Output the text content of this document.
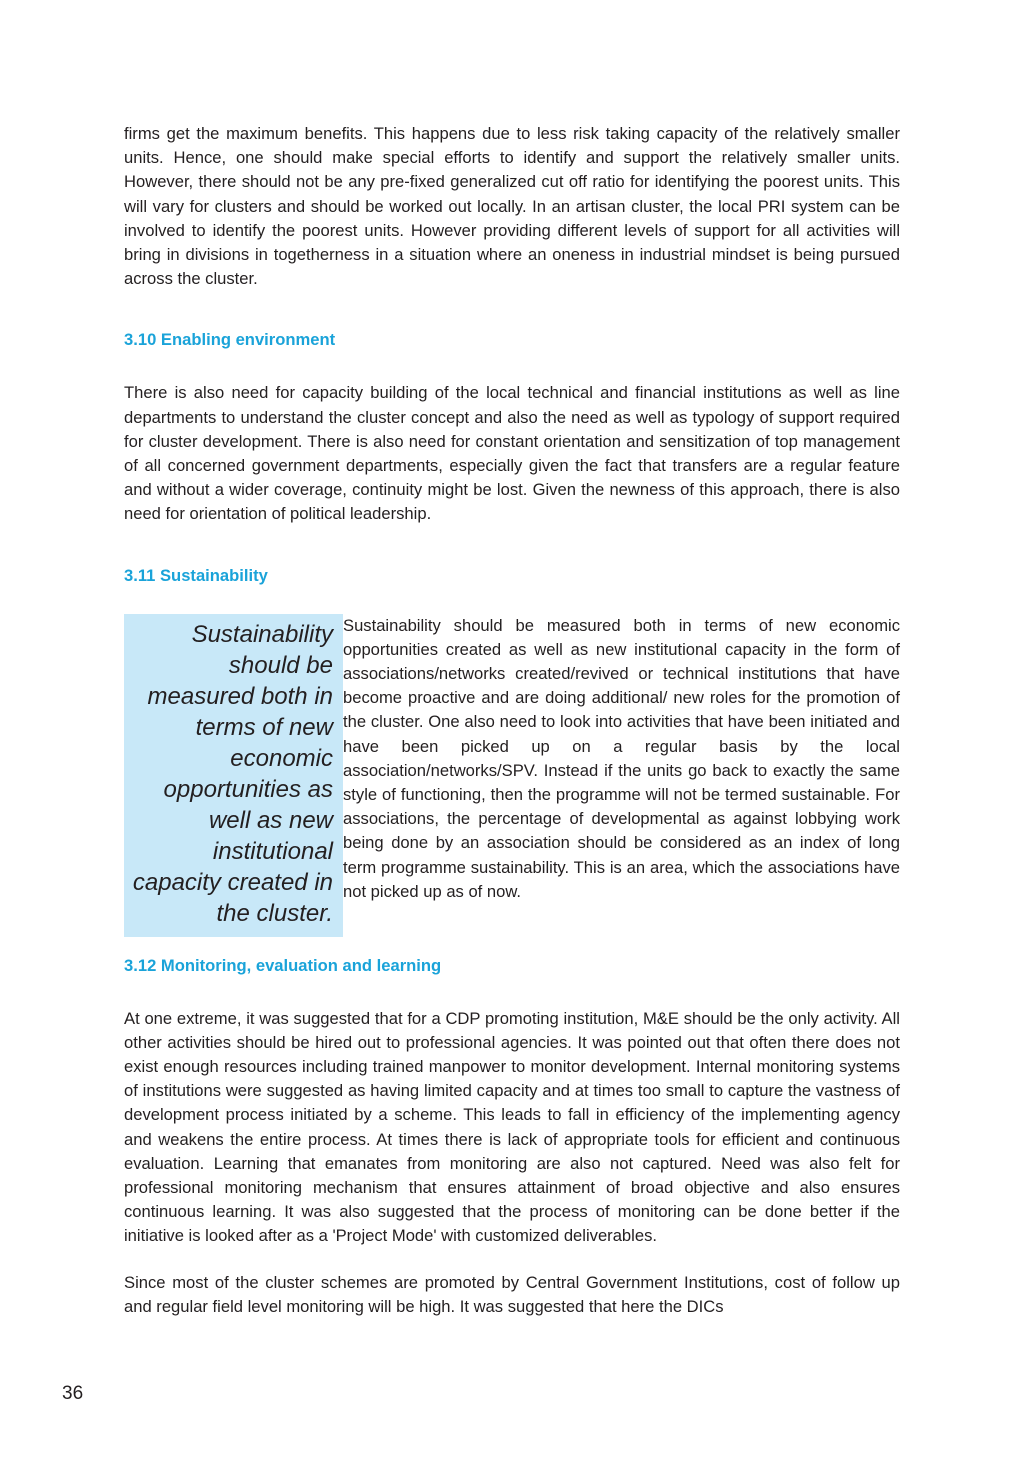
firms get the maximum benefits. This happens due to less risk taking capacity of the relatively smaller units. Hence, one should make special efforts to identify and support the relatively smaller units. However, there should not be any pre-fixed generalized cut off ratio for identifying the poorest units. This will vary for clusters and should be worked out locally. In an artisan cluster, the local PRI system can be involved to identify the poorest units. However providing different levels of support for all activities will bring in divisions in togetherness in a situation where an oneness in industrial mindset is being pursued across the cluster.

3.10 Enabling environment

There is also need for capacity building of the local technical and financial institutions as well as line departments to understand the cluster concept and also the need as well as typology of support required for cluster development. There is also need for constant orientation and sensitization of top management of all concerned government departments, especially given the fact that transfers are a regular feature and without a wider coverage, continuity might be lost. Given the newness of this approach, there is also need for orientation of political leadership.

3.11 Sustainability
Sustainability should be measured both in terms of new economic opportunities as well as new institutional capacity created in the cluster.

Sustainability should be measured both in terms of new economic opportunities created as well as new institutional capacity in the form of associations/networks created/revived or technical institutions that have become proactive and are doing additional/ new roles for the promotion of the cluster. One also need to look into activities that have been initiated and have been picked up on a regular basis by the local association/networks/SPV. Instead if the units go back to exactly the same style of functioning, then the programme will not be termed sustainable. For associations, the percentage of developmental as against lobbying work being done by an association should be considered as an index of long term programme sustainability. This is an area, which the associations have not picked up as of now.

3.12 Monitoring, evaluation and learning

At one extreme, it was suggested that for a CDP promoting institution, M&E should be the only activity. All other activities should be hired out to professional agencies. It was pointed out that often there does not exist enough resources including trained manpower to monitor development. Internal monitoring systems of institutions were suggested as having limited capacity and at times too small to capture the vastness of development process initiated by a scheme. This leads to fall in efficiency of the implementing agency and weakens the entire process. At times there is lack of appropriate tools for efficient and continuous evaluation. Learning that emanates from monitoring are also not captured. Need was also felt for professional monitoring mechanism that ensures attainment of broad objective and also ensures continuous learning. It was also suggested that the process of monitoring can be done better if the initiative is looked after as a 'Project Mode' with customized deliverables.

Since most of the cluster schemes are promoted by Central Government Institutions, cost of follow up and regular field level monitoring will be high. It was suggested that here the DICs

36
